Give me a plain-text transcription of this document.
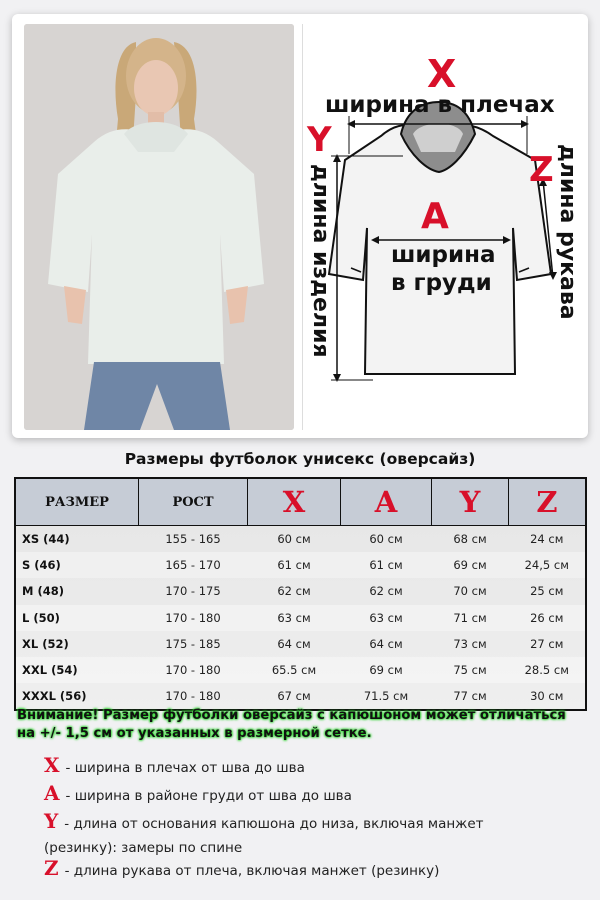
X
ширина в плечах
Y
длина изделия	Z длина рукава
A
ширина
в груди
Размеры футболок унисекс (оверсайз)
РАЗМЕР	РОСТ	X	A	Y	Z
XS (44)	155 - 165	60 см	60 см	68 см	24 см
S (46)	165 - 170	61 см	61 см	69 см	24,5 см
M (48)	170 - 175	62 см	62 см	70 см	25 см
L (50)	170 - 180	63 см	63 см	71 см	26 см
XL (52)	175 - 185	64 см	64 см	73 см	27 см
XXL (54)	170 - 180	65.5 см	69 см	75 см	28.5 см
XXXL (56)	170 - 180	67 см	71.5 см	77 см	30 см
Внимание! Размер футболки оверсайз с капюшоном может отличаться на +/- 1,5 см от указанных в размерной сетке.
X - ширина в плечах от шва до шва
A - ширина в районе груди от шва до шва
Y - длина от основания капюшона до низа, включая манжет (резинку): замеры по спине
Z - длина рукава от плеча, включая манжет (резинку)
